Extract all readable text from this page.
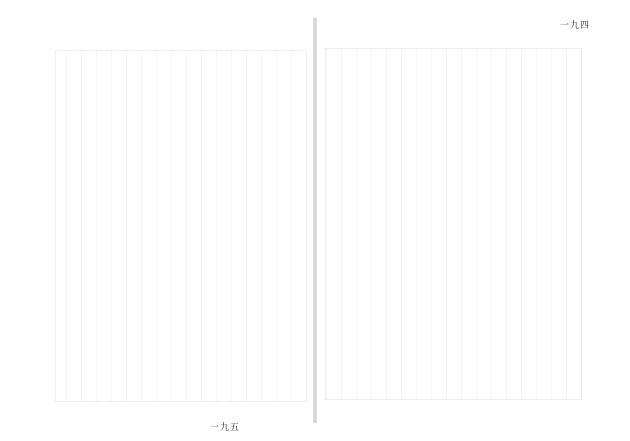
一九五
一九四
